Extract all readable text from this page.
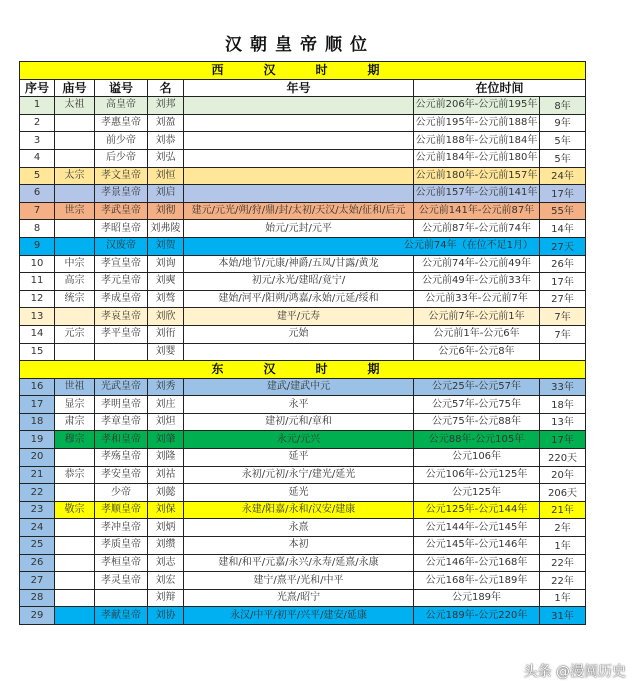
汉朝皇帝顺位
西　汉　时　期						
序号	庙号	谥号	名	年号	在位时间	
1	太祖	高皇帝	刘邦		公元前206年-公元前195年	8年
2		孝惠皇帝	刘盈		公元前195年-公元前188年	9年
3		前少帝	刘恭		公元前188年-公元前184年	5年
4		后少帝	刘弘		公元前184年-公元前180年	5年
5	太宗	孝文皇帝	刘恒		公元前180年-公元前157年	24年
6		孝景皇帝	刘启		公元前157年-公元前141年	17年
7	世宗	孝武皇帝	刘彻	建元/元光/朔/狩/鼎/封/太初/天汉/太始/征和/后元	公元前141年-公元前87年	55年
8		孝昭皇帝	刘弗陵	始元/元封/元平	公元前87年-公元前74年	14年
9		汉废帝	刘贺	公元前74年（在位不足1月）		27天
10	中宗	孝宣皇帝	刘询	本始/地节/元康/神爵/五凤/甘露/黄龙	公元前74年-公元前49年	26年
11	高宗	孝元皇帝	刘奭	初元/永光/建昭/竟宁/	公元前49年-公元前33年	17年
12	统宗	孝成皇帝	刘骜	建始/河平/阳朔/鸿嘉/永始/元延/绥和	公元前33年-公元前7年	27年
13		孝哀皇帝	刘欣	建平/元寿	公元前7年-公元前1年	7年
14	元宗	孝平皇帝	刘衎	元始	公元前1年-公元6年	7年
15			刘婴		公元6年-公元8年	
东　汉　时　期						
16	世祖	光武皇帝	刘秀	建武/建武中元	公元25年-公元57年	33年
17	显宗	孝明皇帝	刘庄	永平	公元57年-公元75年	18年
18	肃宗	孝章皇帝	刘炟	建初/元和/章和	公元75年-公元88年	13年
19	穆宗	孝和皇帝	刘肇	永元/元兴	公元88年-公元105年	17年
20		孝殇皇帝	刘隆	延平	公元106年	220天
21	恭宗	孝安皇帝	刘祜	永初/元初/永宁/建光/延光	公元106年-公元125年	20年
22		少帝	刘懿	延光	公元125年	206天
23	敬宗	孝顺皇帝	刘保	永建/阳嘉/永和/汉安/建康	公元125年-公元144年	21年
24		孝冲皇帝	刘炳	永熹	公元144年-公元145年	2年
25		孝质皇帝	刘缵	本初	公元145年-公元146年	1年
26		孝桓皇帝	刘志	建和/和平/元嘉/永兴/永寿/延熹/永康	公元146年-公元168年	22年
27		孝灵皇帝	刘宏	建宁/熹平/光和/中平	公元168年-公元189年	22年
28			刘辩	光熹/昭宁	公元189年	1年
29		孝献皇帝	刘协	永汉/中平/初平/兴平/建安/延康	公元189年-公元220年	31年
头条 @漫阅历史
